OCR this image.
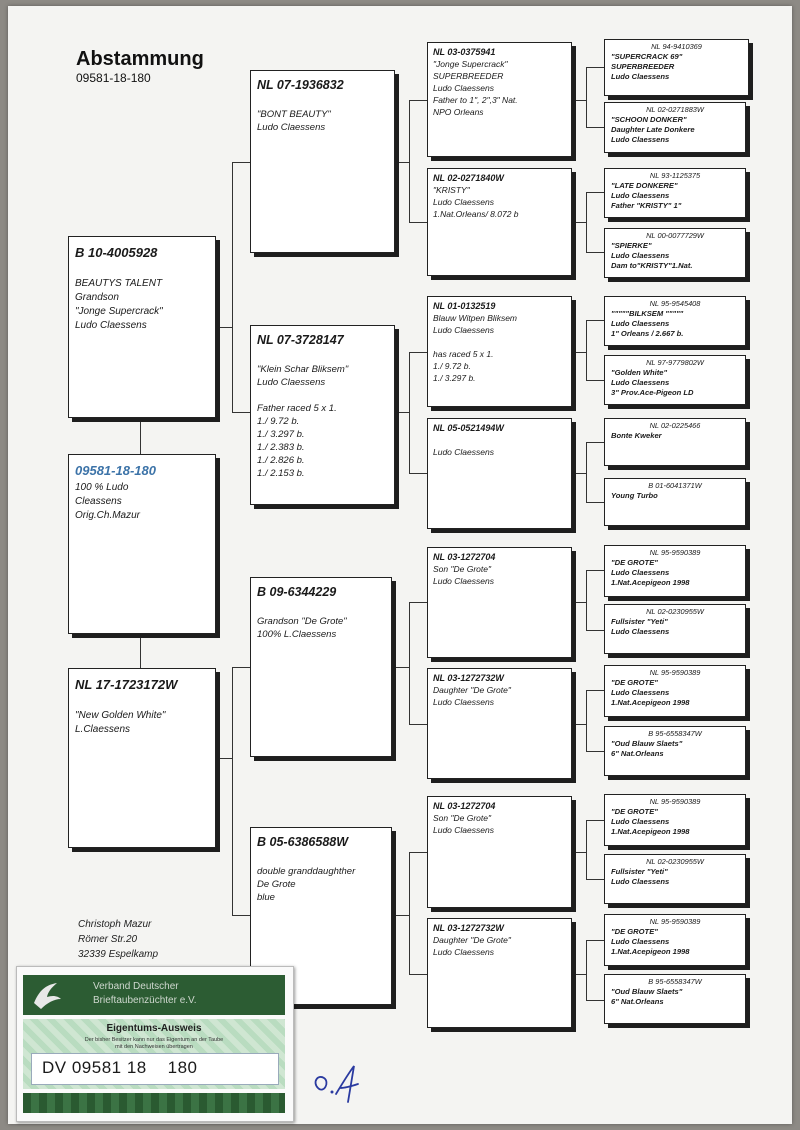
Abstammung
09581-18-180
09581-18-180
100 % Ludo
Cleassens
Orig.Ch.Mazur
B 10-4005928

BEAUTYS TALENT
Grandson
"Jonge Supercrack"
Ludo Claessens
NL 17-1723172W

"New Golden White"
L.Claessens
NL 07-1936832

"BONT BEAUTY"
Ludo Claessens
NL 07-3728147

"Klein Schar Bliksem"
Ludo Claessens

Father raced 5 x 1.
1./ 9.72 b.
1./ 3.297 b.
1./ 2.383 b.
1./ 2.826 b.
1./ 2.153 b.
B 09-6344229

Grandson "De Grote"
100% L.Claessens
B 05-6386588W

double granddaughther
De Grote
blue
NL 03-0375941
"Jonge Supercrack"
SUPERBREEDER
Ludo Claessens
Father to 1", 2",3" Nat.
NPO Orleans
NL 02-0271840W
"KRISTY"
Ludo Claessens
1.Nat.Orleans/ 8.072 b
NL 01-0132519
Blauw Witpen Bliksem
Ludo Claessens

has raced 5 x 1.
1./ 9.72 b.
1./ 3.297 b.
NL 05-0521494W

Ludo Claessens
NL 03-1272704
Son "De Grote"
Ludo Claessens
NL 03-1272732W
Daughter "De Grote"
Ludo Claessens
NL 03-1272704
Son "De Grote"
Ludo Claessens
NL 03-1272732W
Daughter "De Grote"
Ludo Claessens
NL 94-9410369
"SUPERCRACK 69"
SUPERBREEDER
Ludo Claessens
NL 02-0271883W
"SCHOON DONKER"
Daughter Late Donkere
Ludo Claessens
NL 93-1125375
"LATE DONKERE"
Ludo Claessens
Father "KRISTY" 1"
NL 00-0077729W
"SPIERKE"
Ludo Claessens
Dam to"KRISTY"1.Nat.
NL 95-9545408
"""""BILKSEM """""
Ludo Claessens
1" Orleans / 2.667 b.
NL 97-9779802W
"Golden White"
Ludo Claessens
3" Prov.Ace-Pigeon LD
NL 02-0225466
Bonte Kweker
B 01-6041371W
Young Turbo
NL 95-9590389
"DE GROTE"
Ludo Claessens
1.Nat.Acepigeon 1998
NL 02-0230955W
Fullsister "Yeti"
Ludo Claessens
NL 95-9590389
"DE GROTE"
Ludo Claessens
1.Nat.Acepigeon 1998
B 95-6558347W
"Oud Blauw Slaets"
6" Nat.Orleans
NL 95-9590389
"DE GROTE"
Ludo Claessens
1.Nat.Acepigeon 1998
NL 02-0230955W
Fullsister "Yeti"
Ludo Claessens
NL 95-9590389
"DE GROTE"
Ludo Claessens
1.Nat.Acepigeon 1998
B 95-6558347W
"Oud Blauw Slaets"
6" Nat.Orleans
Christoph Mazur
Römer Str.20
32339 Espelkamp
Verband Deutscher
Brieftaubenzüchter e.V.
Eigentums-Ausweis
Der bisher Besitzer kann nur das Eigentum an der Taube
mit den Nachweisen übertragen
DV 09581 18    180
